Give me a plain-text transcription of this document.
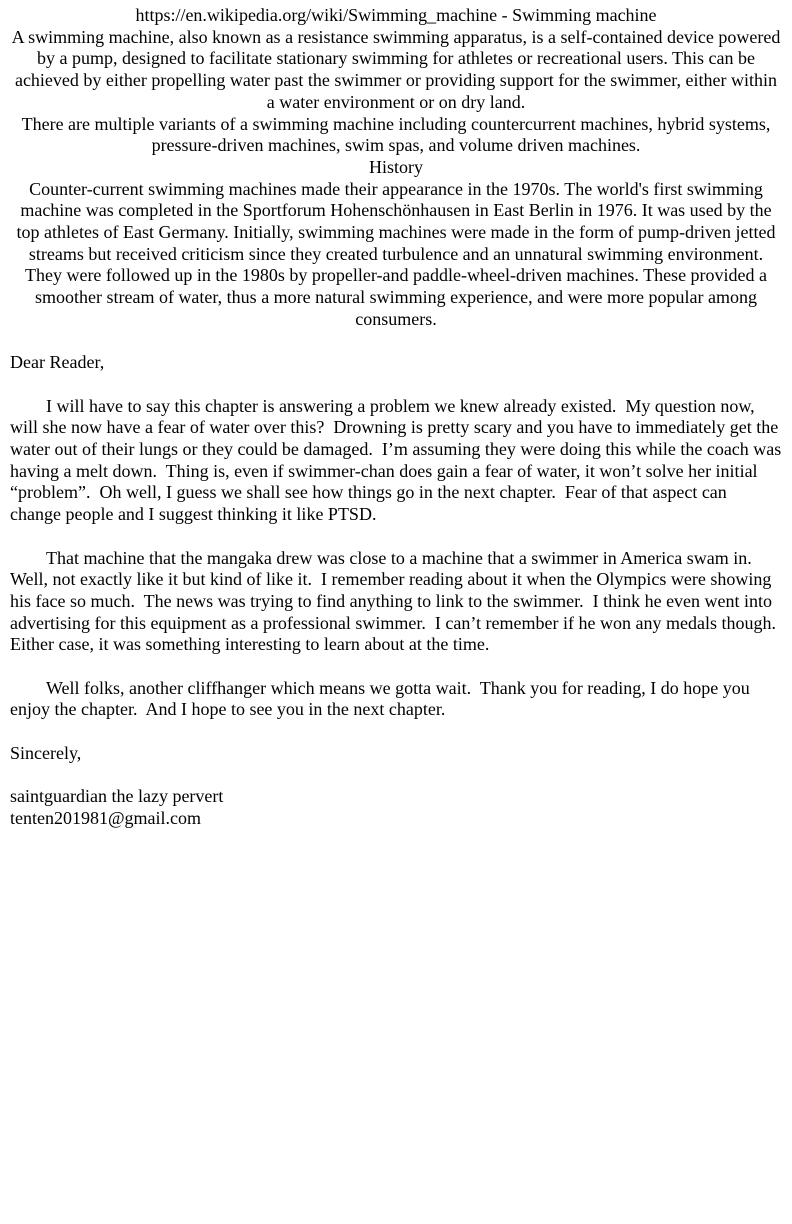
https://en.wikipedia.org/wiki/Swimming_machine - Swimming machine

A swimming machine, also known as a resistance swimming apparatus, is a self-contained device powered by a pump, designed to facilitate stationary swimming for athletes or recreational users. This can be achieved by either propelling water past the swimmer or providing support for the swimmer, either within a water environment or on dry land.

There are multiple variants of a swimming machine including countercurrent machines, hybrid systems, pressure-driven machines, swim spas, and volume driven machines.

History

Counter-current swimming machines made their appearance in the 1970s. The world's first swimming machine was completed in the Sportforum Hohenschönhausen in East Berlin in 1976. It was used by the top athletes of East Germany. Initially, swimming machines were made in the form of pump-driven jetted streams but received criticism since they created turbulence and an unnatural swimming environment. They were followed up in the 1980s by propeller-and paddle-wheel-driven machines. These provided a smoother stream of water, thus a more natural swimming experience, and were more popular among consumers.

Dear Reader,
I will have to say this chapter is answering a problem we knew already existed.  My question now, will she now have a fear of water over this?  Drowning is pretty scary and you have to immediately get the water out of their lungs or they could be damaged.  I’m assuming they were doing this while the coach was having a melt down.  Thing is, even if swimmer-chan does gain a fear of water, it won’t solve her initial “problem”.  Oh well, I guess we shall see how things go in the next chapter.  Fear of that aspect can change people and I suggest thinking it like PTSD.
That machine that the mangaka drew was close to a machine that a swimmer in America swam in.  Well, not exactly like it but kind of like it.  I remember reading about it when the Olympics were showing his face so much.  The news was trying to find anything to link to the swimmer.  I think he even went into advertising for this equipment as a professional swimmer.  I can’t remember if he won any medals though.  Either case, it was something interesting to learn about at the time.
Well folks, another cliffhanger which means we gotta wait.  Thank you for reading, I do hope you enjoy the chapter.  And I hope to see you in the next chapter.
Sincerely,
saintguardian the lazy pervert
tenten201981@gmail.com
